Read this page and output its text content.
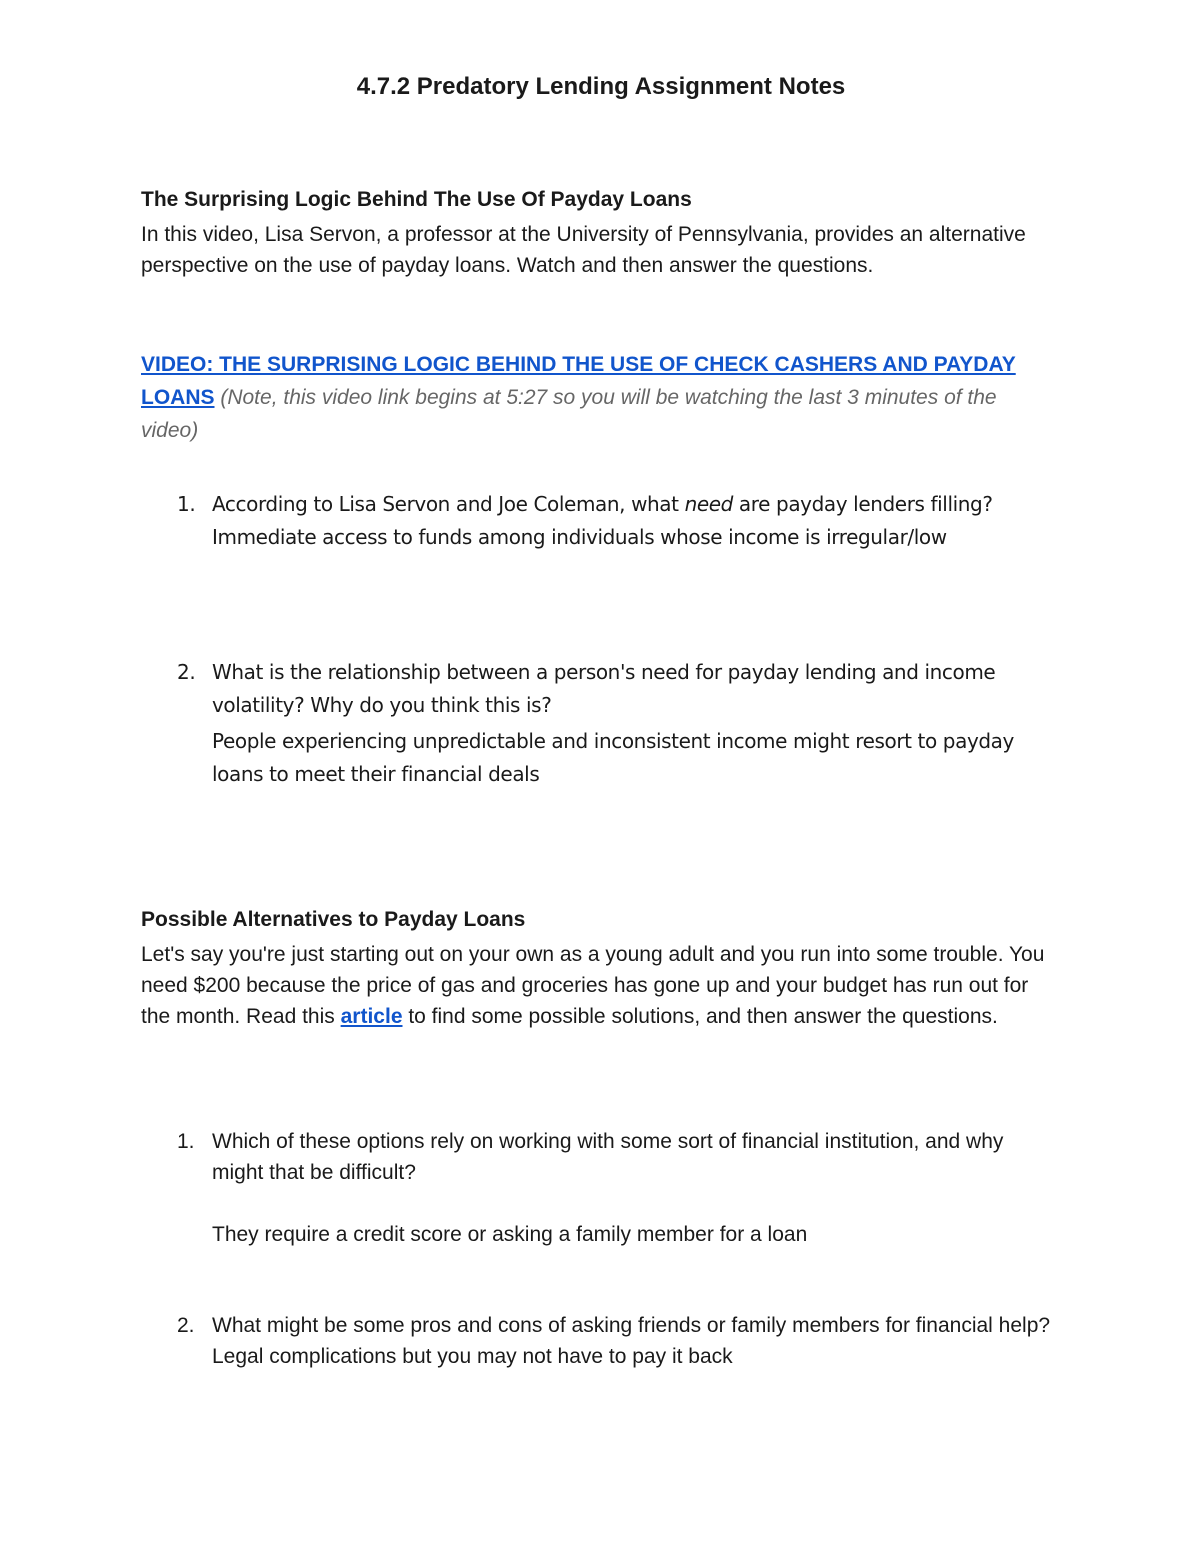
4.7.2 Predatory Lending Assignment Notes
The Surprising Logic Behind The Use Of Payday Loans

In this video, Lisa Servon, a professor at the University of Pennsylvania, provides an alternative perspective on the use of payday loans. Watch and then answer the questions.

VIDEO: THE SURPRISING LOGIC BEHIND THE USE OF CHECK CASHERS AND PAYDAY LOANS (Note, this video link begins at 5:27 so you will be watching the last 3 minutes of the video)

1. According to Lisa Servon and Joe Coleman, what need are payday lenders filling?
Immediate access to funds among individuals whose income is irregular/low
2. What is the relationship between a person's need for payday lending and income volatility? Why do you think this is?
People experiencing unpredictable and inconsistent income might resort to payday loans to meet their financial deals
Possible Alternatives to Payday Loans

Let's say you're just starting out on your own as a young adult and you run into some trouble. You need $200 because the price of gas and groceries has gone up and your budget has run out for the month. Read this article to find some possible solutions, and then answer the questions.

1. Which of these options rely on working with some sort of financial institution, and why might that be difficult?
They require a credit score or asking a family member for a loan
2. What might be some pros and cons of asking friends or family members for financial help?
Legal complications but you may not have to pay it back
